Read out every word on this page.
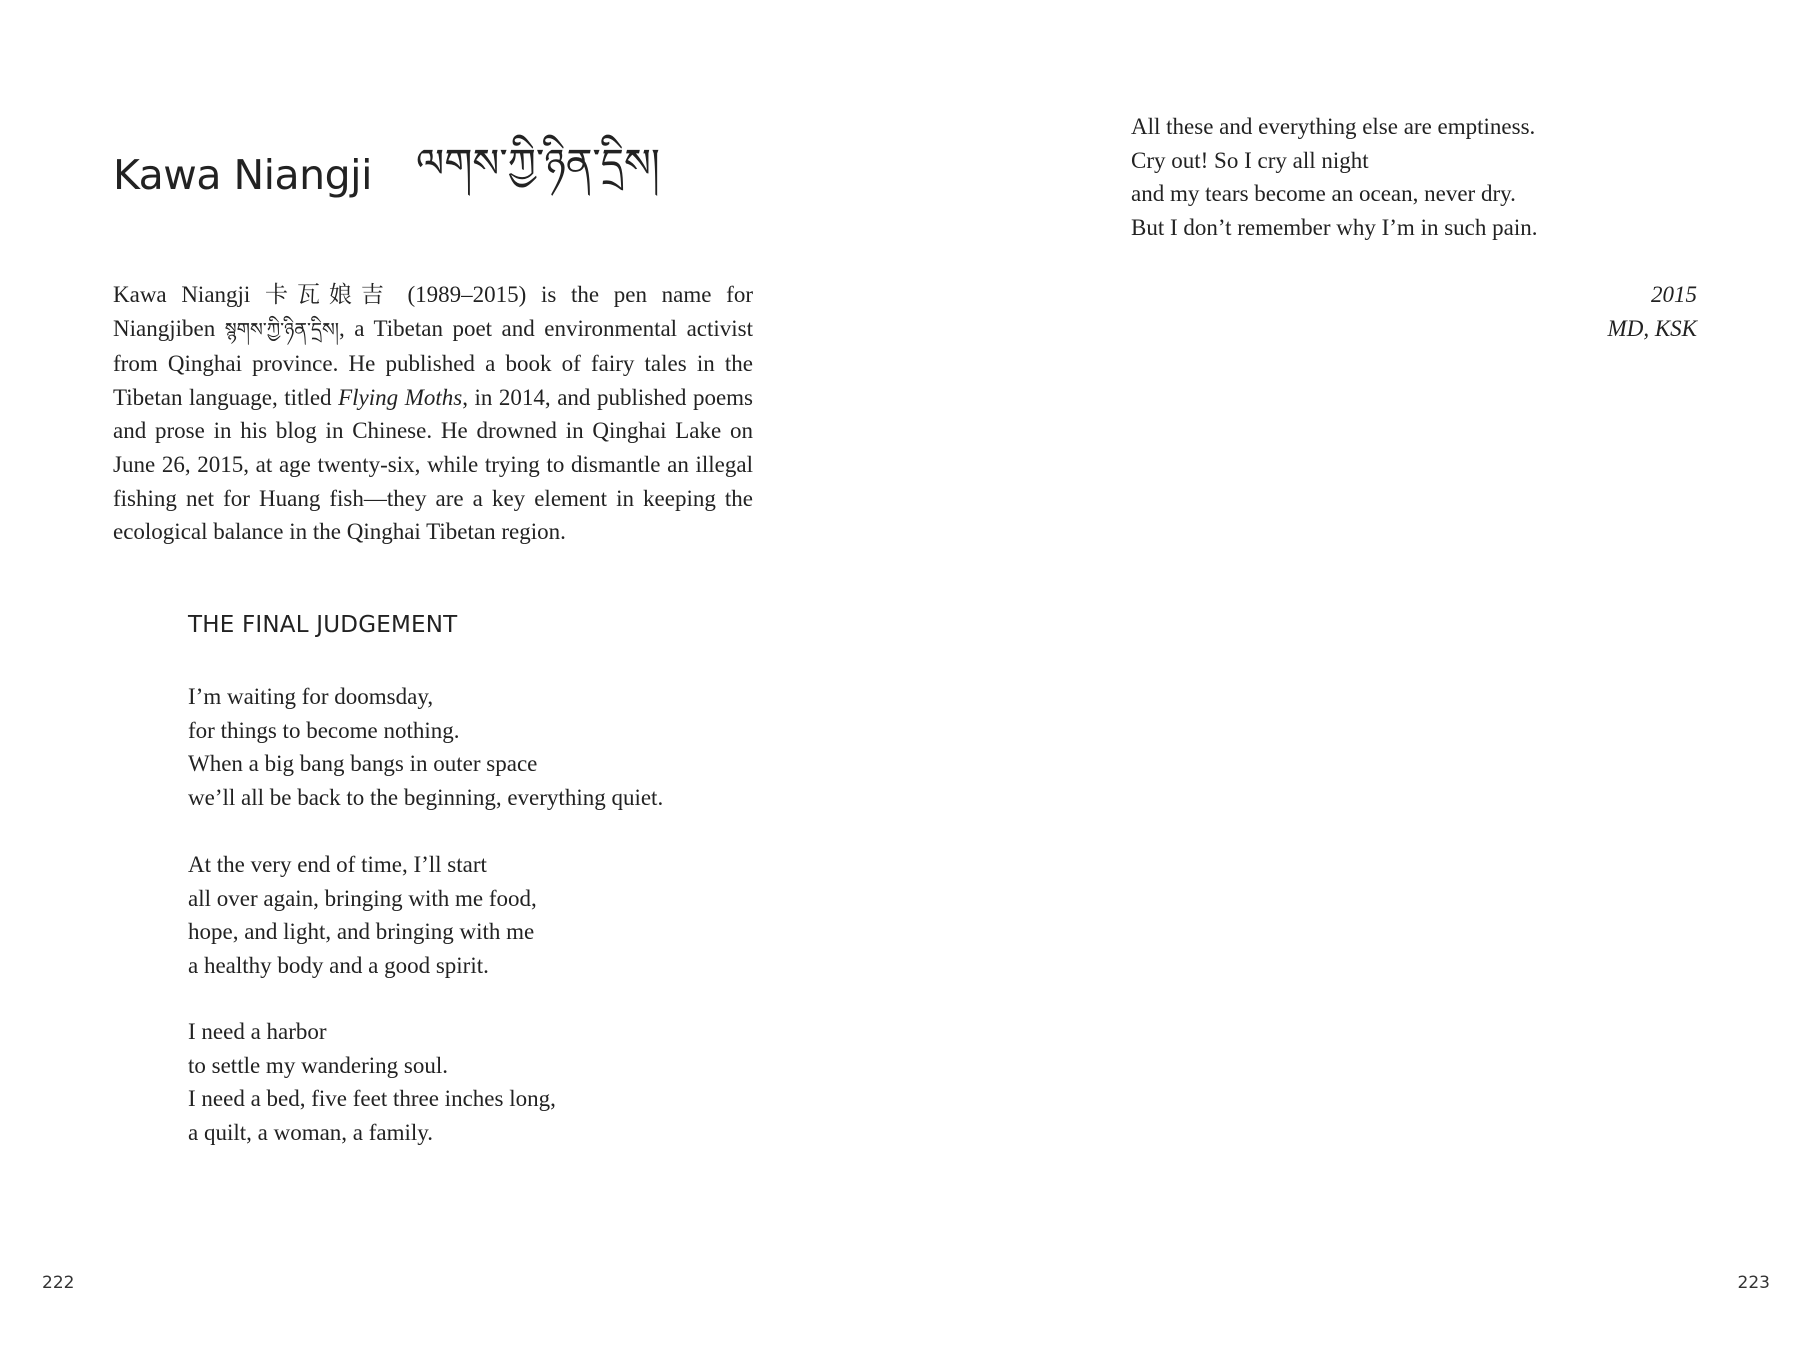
Kawa Niangji ལགས་ཀྱི་ཉིན་དྲིས།

Kawa Niangji 卡瓦娘吉 (1989–2015) is the pen name for Niangjiben སྙགས་ཀྱི་ཉིན་དྲིས།, a Tibetan poet and environmental activist from Qinghai province. He published a book of fairy tales in the Tibetan language, titled Flying Moths, in 2014, and published poems and prose in his blog in Chinese. He drowned in Qinghai Lake on June 26, 2015, at age twenty-six, while trying to dismantle an illegal fishing net for Huang fish—they are a key element in keeping the ecological balance in the Qinghai Tibetan region.

THE FINAL JUDGEMENT

I’m waiting for doomsday,
for things to become nothing.
When a big bang bangs in outer space
we’ll all be back to the beginning, everything quiet.

At the very end of time, I’ll start
all over again, bringing with me food,
hope, and light, and bringing with me
a healthy body and a good spirit.

I need a harbor
to settle my wandering soul.
I need a bed, five feet three inches long,
a quilt, a woman, a family.

222

All these and everything else are emptiness.
Cry out! So I cry all night
and my tears become an ocean, never dry.
But I don’t remember why I’m in such pain.

2015
MD, KSK

223
